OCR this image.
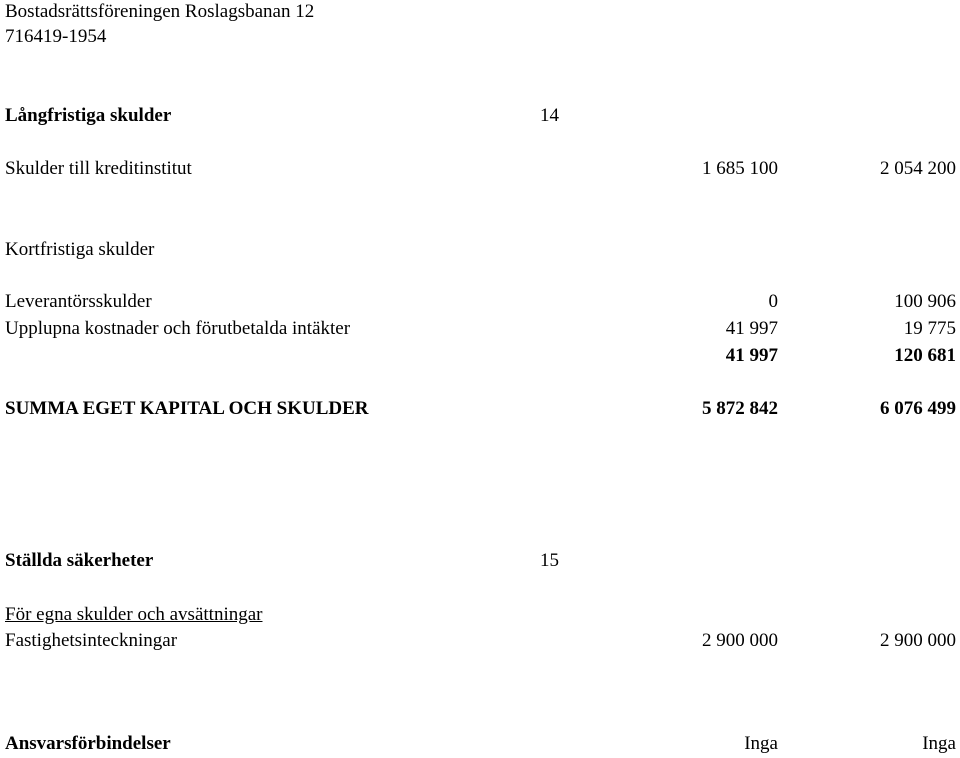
Bostadsrättsföreningen Roslagsbanan 12
716419-1954
Långfristiga skulder	14
Skulder till kreditinstitut	1 685 100	2 054 200
Kortfristiga skulder
Leverantörsskulder	0	100 906
Upplupna kostnader och förutbetalda intäkter	41 997	19 775
41 997	120 681
SUMMA EGET KAPITAL OCH SKULDER	5 872 842	6 076 499
Ställda säkerheter	15
För egna skulder och avsättningar
Fastighetsinteckningar	2 900 000	2 900 000
Ansvarsförbindelser	Inga	Inga
